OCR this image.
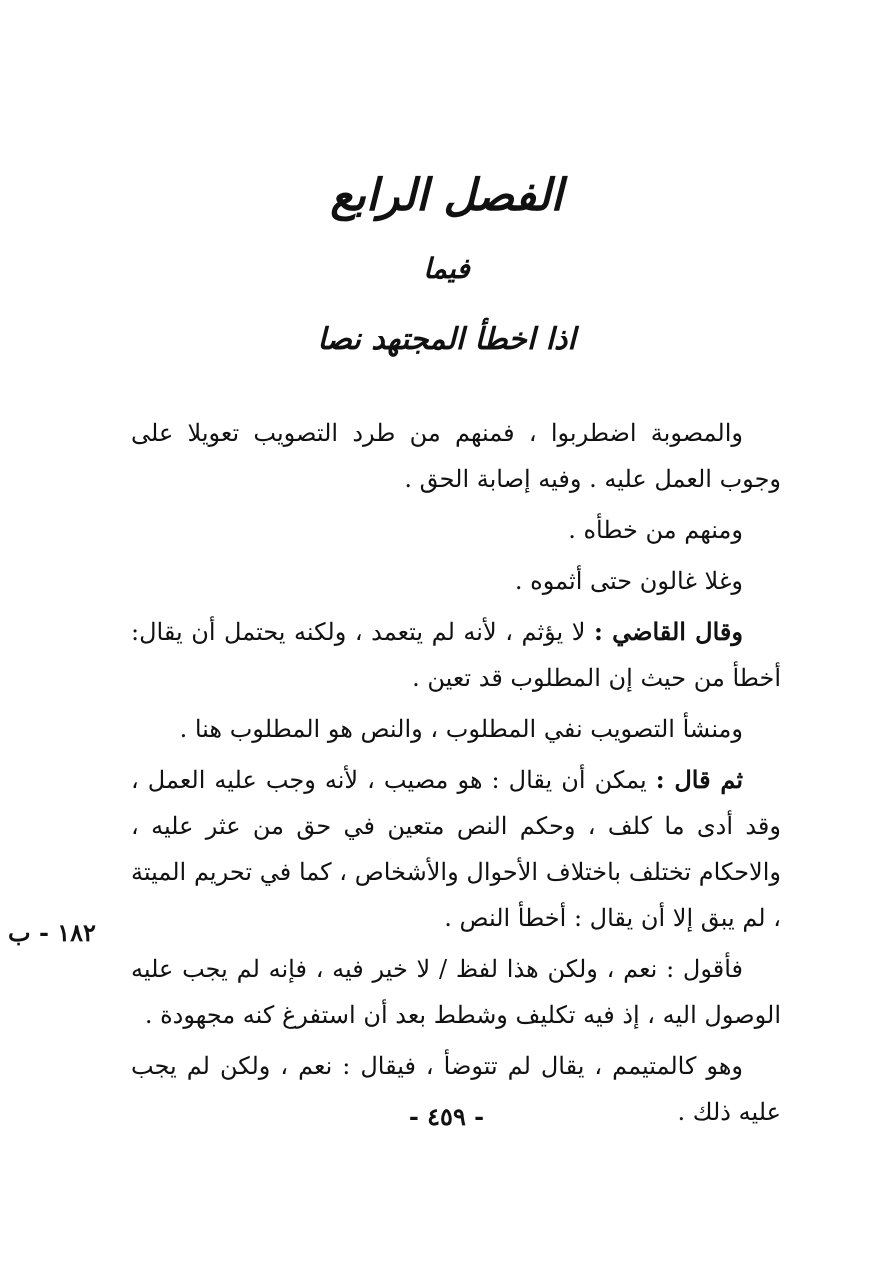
الفصل الرابع
فيما
اذا اخطأ المجتهد نصا

والمصوبة اضطربوا ، فمنهم من طرد التصويب تعويلا على وجوب العمل عليه . وفيه إصابة الحق .

ومنهم من خطأه .

وغلا غالون حتى أثموه .

وقال القاضي : لا يؤثم ، لأنه لم يتعمد ، ولكنه يحتمل أن يقال: أخطأ من حيث إن المطلوب قد تعين .

ومنشأ التصويب نفي المطلوب ، والنص هو المطلوب هنا .

ثم قال : يمكن أن يقال : هو مصيب ، لأنه وجب عليه العمل ، وقد أدى ما كلف ، وحكم النص متعين في حق من عثر عليه ، والاحكام تختلف باختلاف الأحوال والأشخاص ، كما في تحريم الميتة ، لم يبق إلا أن يقال : أخطأ النص .

فأقول : نعم ، ولكن هذا لفظ / لا خير فيه ، فإنه لم يجب عليه الوصول اليه ، إذ فيه تكليف وشطط بعد أن استفرغ كنه مجهودة .

وهو كالمتيمم ، يقال لم تتوضأ ، فيقال : نعم ، ولكن لم يجب عليه ذلك .

١٨٢ - ب
- ٤٥٩ -
